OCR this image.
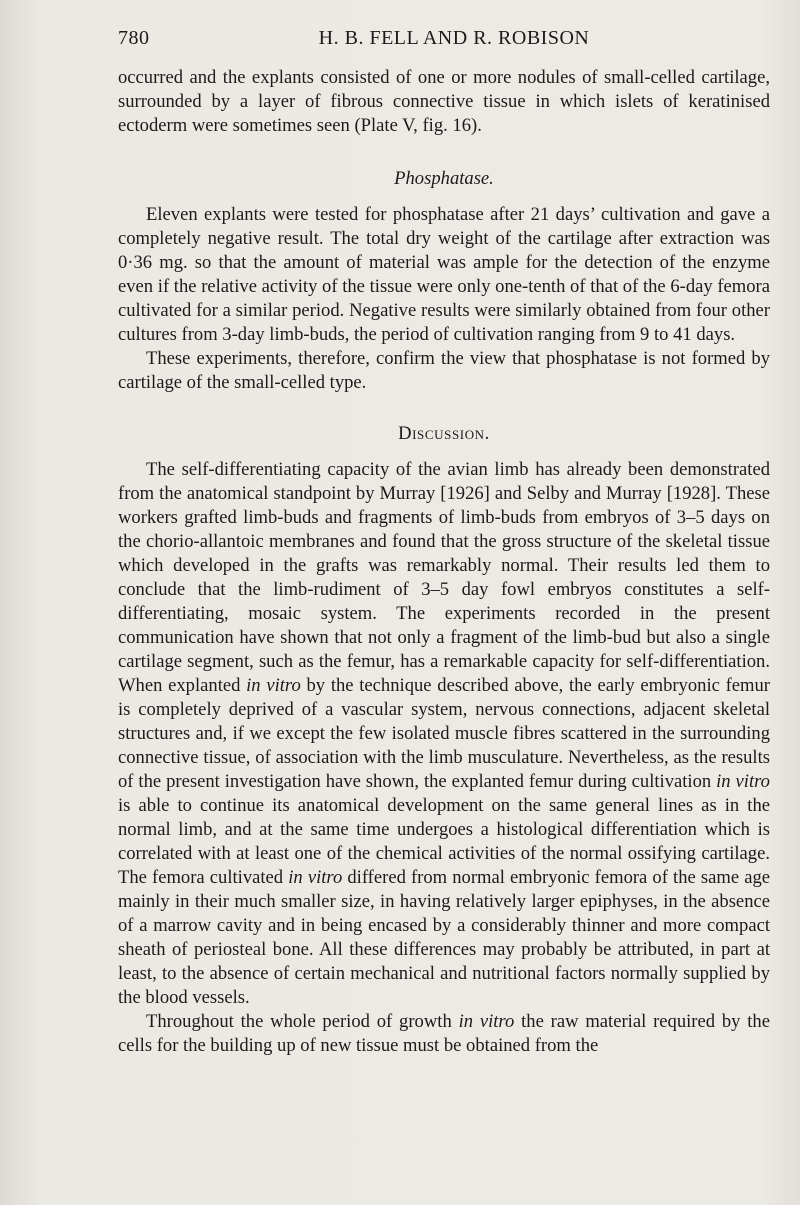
780	H. B. FELL AND R. ROBISON

occurred and the explants consisted of one or more nodules of small-celled cartilage, surrounded by a layer of fibrous connective tissue in which islets of keratinised ectoderm were sometimes seen (Plate V, fig. 16).

Phosphatase.

Eleven explants were tested for phosphatase after 21 days’ cultivation and gave a completely negative result. The total dry weight of the cartilage after extraction was 0·36 mg. so that the amount of material was ample for the detection of the enzyme even if the relative activity of the tissue were only one-tenth of that of the 6-day femora cultivated for a similar period. Negative results were similarly obtained from four other cultures from 3-day limb-buds, the period of cultivation ranging from 9 to 41 days.

These experiments, therefore, confirm the view that phosphatase is not formed by cartilage of the small-celled type.

Discussion.

The self-differentiating capacity of the avian limb has already been demonstrated from the anatomical standpoint by Murray [1926] and Selby and Murray [1928]. These workers grafted limb-buds and fragments of limb-buds from embryos of 3–5 days on the chorio-allantoic membranes and found that the gross structure of the skeletal tissue which developed in the grafts was remarkably normal. Their results led them to conclude that the limb-rudiment of 3–5 day fowl embryos constitutes a self-differentiating, mosaic system. The experiments recorded in the present communication have shown that not only a fragment of the limb-bud but also a single cartilage segment, such as the femur, has a remarkable capacity for self-differentiation. When explanted in vitro by the technique described above, the early embryonic femur is completely deprived of a vascular system, nervous connections, adjacent skeletal structures and, if we except the few isolated muscle fibres scattered in the surrounding connective tissue, of association with the limb musculature. Nevertheless, as the results of the present investigation have shown, the explanted femur during cultivation in vitro is able to continue its anatomical development on the same general lines as in the normal limb, and at the same time undergoes a histological differentiation which is correlated with at least one of the chemical activities of the normal ossifying cartilage. The femora cultivated in vitro differed from normal embryonic femora of the same age mainly in their much smaller size, in having relatively larger epiphyses, in the absence of a marrow cavity and in being encased by a considerably thinner and more compact sheath of periosteal bone. All these differences may probably be attributed, in part at least, to the absence of certain mechanical and nutritional factors normally supplied by the blood vessels.

Throughout the whole period of growth in vitro the raw material required by the cells for the building up of new tissue must be obtained from the
